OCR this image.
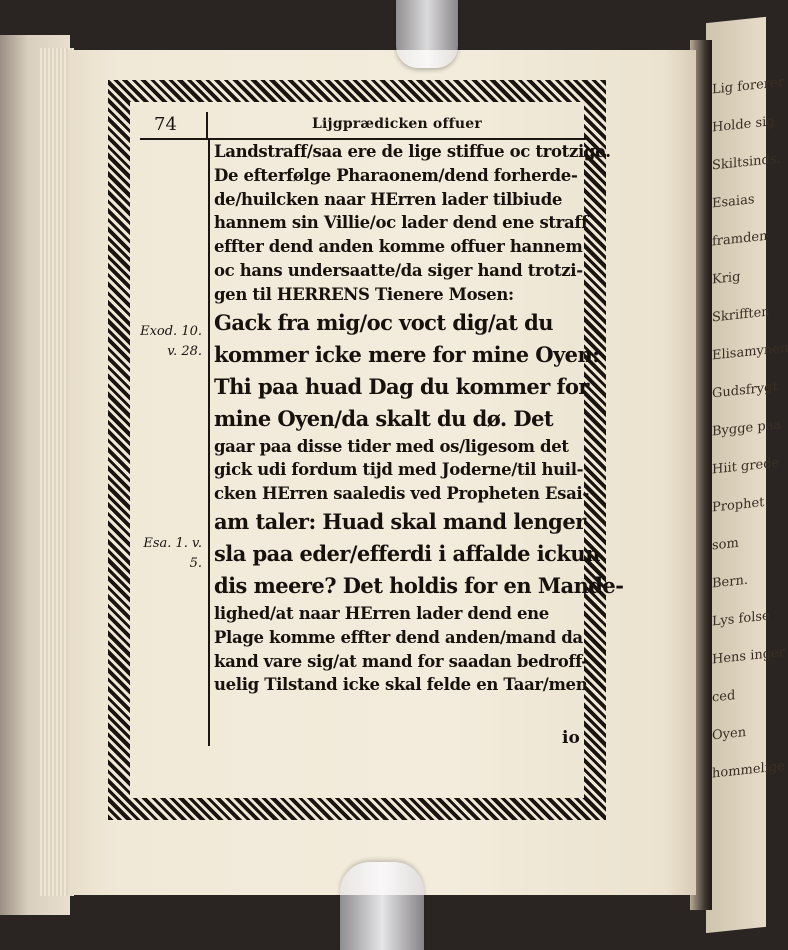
Lig forerer
Holde sig
Skiltsinds.
Esaias
framden
Krig
Skrifften
Elisamynen
Gudsfrygt
Bygge paa
Hiit grede
Prophet
som
Bern.
Lys folse
Hens inger
ced
Oyen
hommelige
74	Lijgprædicken offuer
Exod. 10. v. 28.
Esa. 1. v. 5.
Landstraff/saa ere de lige stiffue oc trotzige.
De efterfølge Pharaonem/dend forherde-
de/huilcken naar HErren lader tilbiude
hannem sin Villie/oc lader dend ene straff
effter dend anden komme offuer hannem
oc hans undersaatte/da siger hand trotzi-
gen til HERRENS Tienere Mosen:
Gack fra mig/oc voct dig/at du
kommer icke mere for mine Oyen:
Thi paa huad Dag du kommer for
mine Oyen/da skalt du dø. Det
gaar paa disse tider med os/ligesom det
gick udi fordum tijd med Joderne/til huil-
cken HErren saaledis ved Propheten Esai-
am taler: Huad skal mand lenger
sla paa eder/efferdi i affalde ickun
dis meere? Det holdis for en Mande-
lighed/at naar HErren lader dend ene
Plage komme effter dend anden/mand da
kand vare sig/at mand for saadan bedroff-
uelig Tilstand icke skal felde en Taar/men
io
